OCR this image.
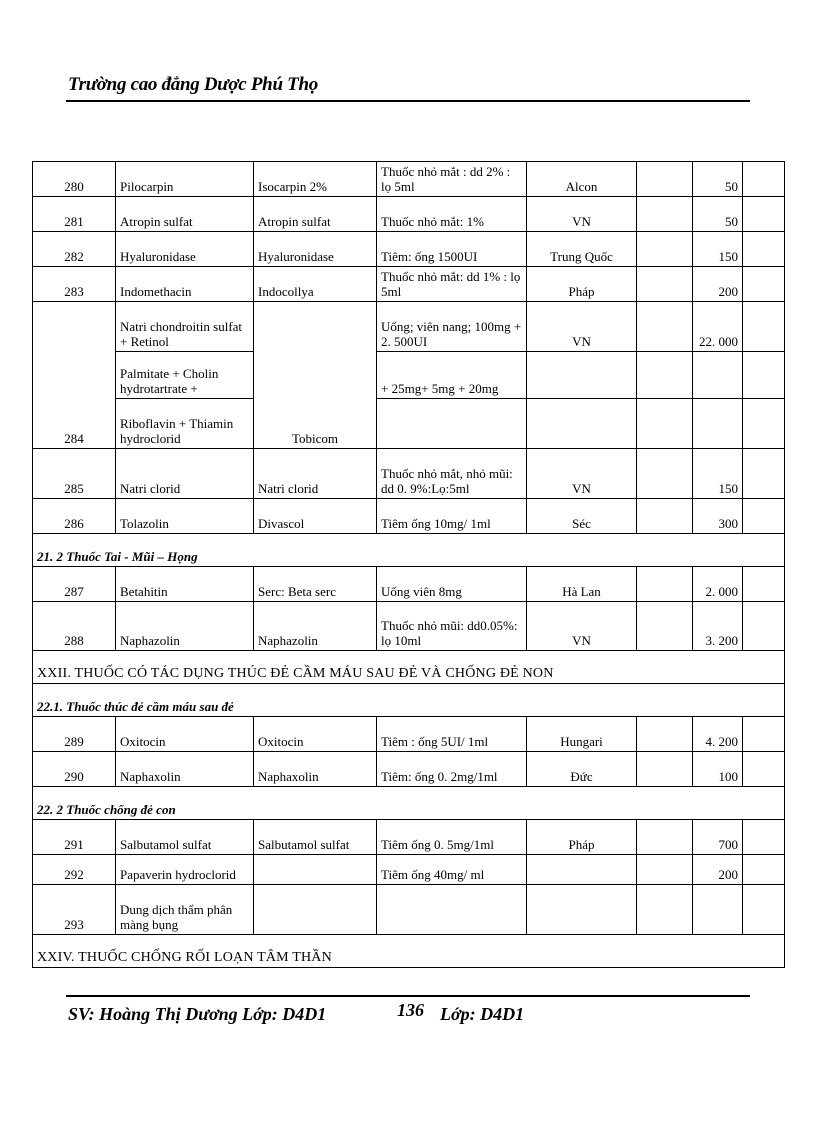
Trường cao đẳng Dược Phú Thọ
280	Pilocarpin	Isocarpin 2%	Thuốc nhỏ mắt : dd 2% : lọ 5ml	Alcon		50	
281	Atropin sulfat	Atropin sulfat	Thuốc nhỏ mắt: 1%	VN		50	
282	Hyaluronidase	Hyaluronidase	Tiêm: ống 1500UI	Trung Quốc		150	
283	Indomethacin	Indocollya	Thuốc nhỏ mắt: dd 1% : lọ 5ml	Pháp		200	
284	Natri chondroitin sulfat + Retinol	Tobicom	Uống; viên nang; 100mg + 2. 500UI	VN		22. 000	
	Palmitate + Cholin hydrotartrate +		+ 25mg+ 5mg + 20mg				
	Riboflavin + Thiamin hydroclorid						
285	Natri clorid	Natri clorid	Thuốc nhỏ mắt, nhỏ mũi: dd 0. 9%:Lọ:5ml	VN		150	
286	Tolazolin	Divascol	Tiêm ống 10mg/ 1ml	Séc		300	
21. 2 Thuốc Tai - Mũi – Họng							
287	Betahitin	Serc: Beta serc	Uống viên 8mg	Hà Lan		2. 000	
288	Naphazolin	Naphazolin	Thuốc nhỏ mũi: dd0.05%: lọ 10ml	VN		3. 200	
XXII. THUỐC CÓ TÁC DỤNG THÚC ĐẺ CẦM MÁU SAU ĐẺ VÀ CHỐNG ĐẺ NON							
22.1. Thuốc thúc đẻ cầm máu sau đẻ							
289	Oxitocin	Oxitocin	Tiêm : ống 5UI/ 1ml	Hungari		4. 200	
290	Naphaxolin	Naphaxolin	Tiêm: ống 0. 2mg/1ml	Đức		100	
22. 2 Thuốc chống đẻ con							
291	Salbutamol sulfat	Salbutamol sulfat	Tiêm ống 0. 5mg/1ml	Pháp		700	
292	Papaverin hydroclorid		Tiêm ống 40mg/ ml			200	
293	Dung dịch thẩm phân màng bụng						
XXIV. THUỐC CHỐNG RỐI LOẠN TÂM THẦN							
SV: Hoàng Thị Dương Lớp: D4D1	136 Lớp: D4D1
